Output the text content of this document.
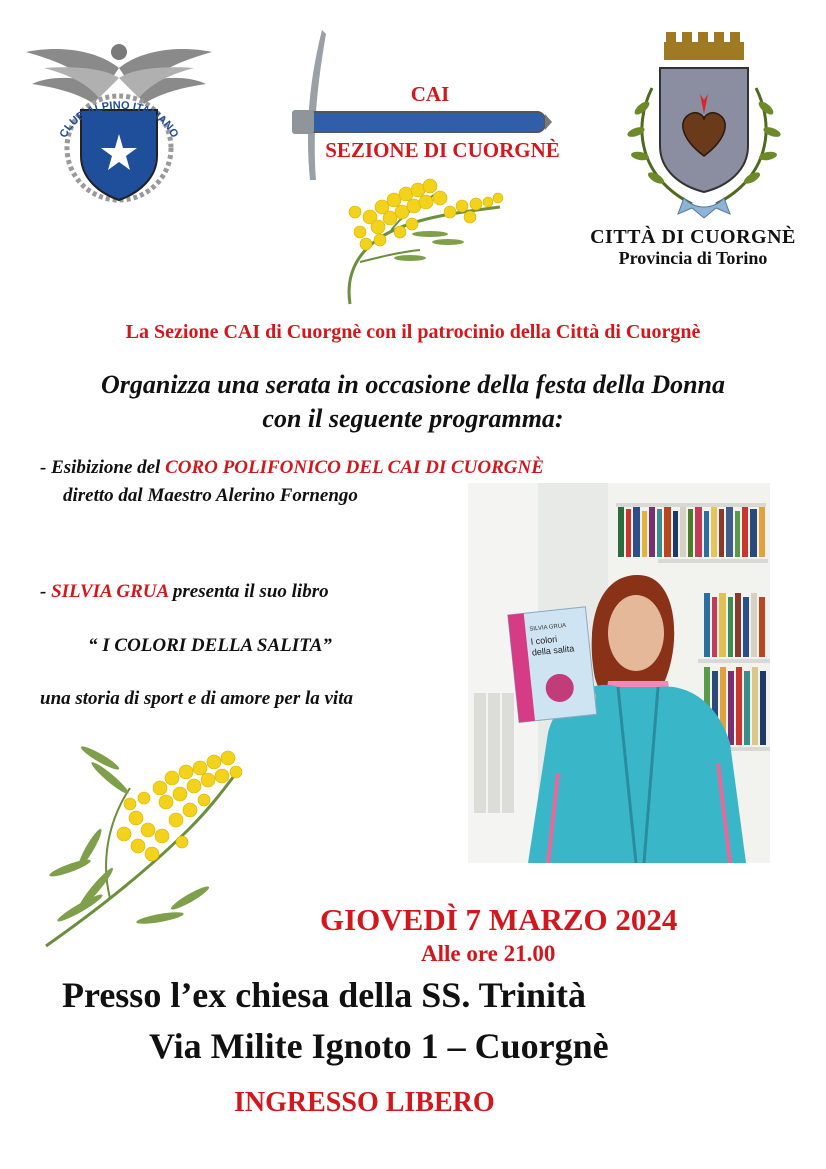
CLUB ALPINO ITALIANO
CAI
SEZIONE DI CUORGNÈ
CITTÀ DI CUORGNÈ
Provincia di Torino
La Sezione CAI di Cuorgnè con il patrocinio della Città di Cuorgnè
Organizza una serata in occasione della festa della Donna
con il seguente programma:
- Esibizione del CORO POLIFONICO DEL CAI DI CUORGNÈ
diretto dal Maestro Alerino Fornengo
- SILVIA GRUA presenta il suo libro
“ I COLORI DELLA SALITA”
una storia di sport e di amore per la vita
SILVIA GRUA
I colori
della salita
GIOVEDÌ 7 MARZO 2024
Alle ore 21.00
Presso l’ex chiesa della SS. Trinità
Via Milite Ignoto 1 – Cuorgnè
INGRESSO LIBERO
